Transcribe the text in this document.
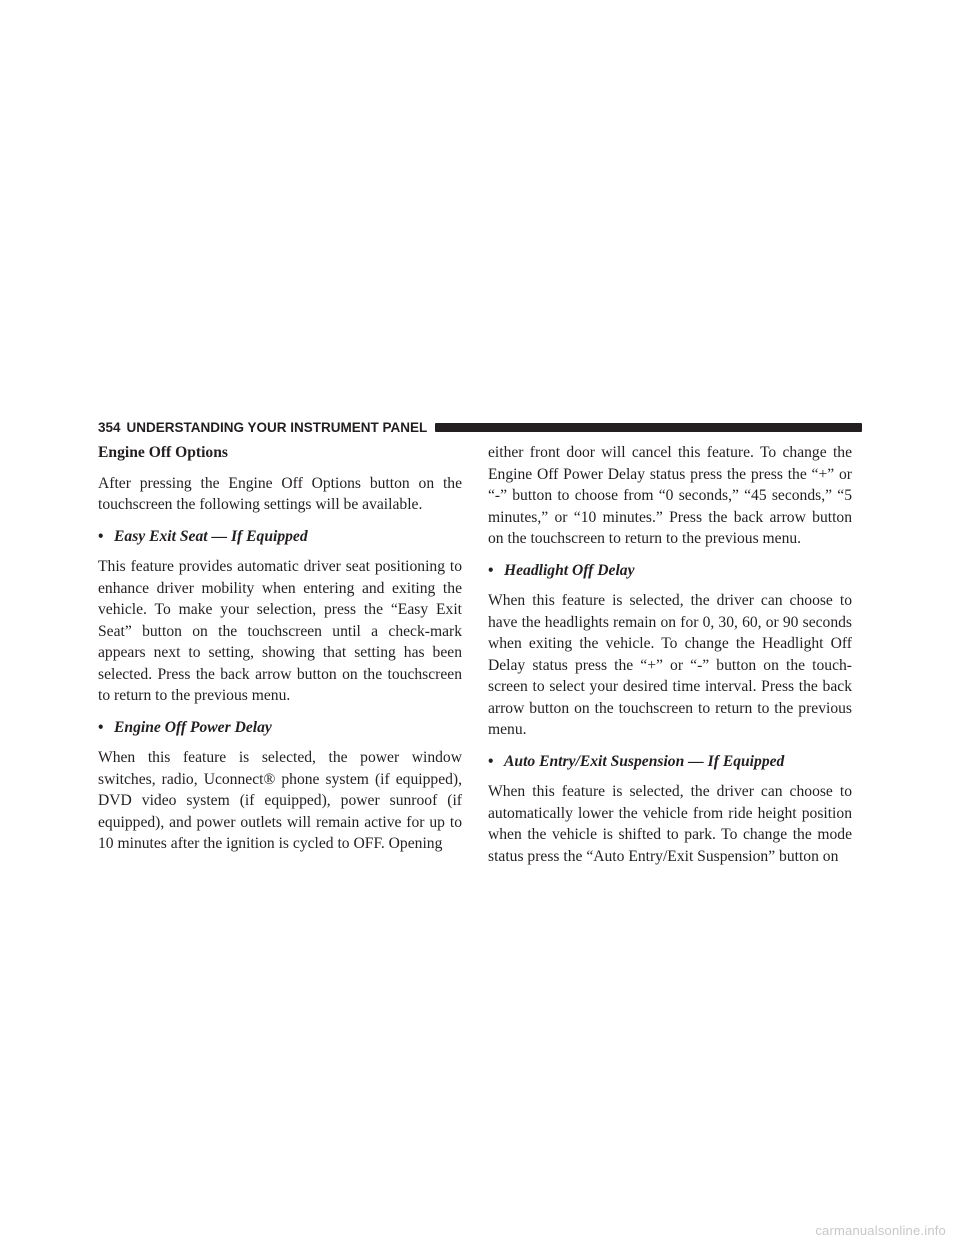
354 UNDERSTANDING YOUR INSTRUMENT PANEL
Engine Off Options

After pressing the Engine Off Options button on the touchscreen the following settings will be available.

• Easy Exit Seat — If Equipped

This feature provides automatic driver seat positioning to enhance driver mobility when entering and exiting the vehicle. To make your selection, press the “Easy Exit Seat” button on the touchscreen until a check-mark appears next to setting, showing that setting has been selected. Press the back arrow button on the touchscreen to return to the previous menu.

• Engine Off Power Delay

When this feature is selected, the power window switches, radio, Uconnect® phone system (if equipped), DVD video system (if equipped), power sunroof (if equipped), and power outlets will remain active for up to 10 minutes after the ignition is cycled to OFF. Opening

either front door will cancel this feature. To change the Engine Off Power Delay status press the press the “+” or “-” button to choose from “0 seconds,” “45 seconds,” “5 minutes,” or “10 minutes.” Press the back arrow button on the touchscreen to return to the previous menu.

• Headlight Off Delay

When this feature is selected, the driver can choose to have the headlights remain on for 0, 30, 60, or 90 seconds when exiting the vehicle. To change the Headlight Off Delay status press the “+” or “-” button on the touch-screen to select your desired time interval. Press the back arrow button on the touchscreen to return to the previous menu.

• Auto Entry/Exit Suspension — If Equipped

When this feature is selected, the driver can choose to automatically lower the vehicle from ride height position when the vehicle is shifted to park. To change the mode status press the “Auto Entry/Exit Suspension” button on

carmanualsonline.info
